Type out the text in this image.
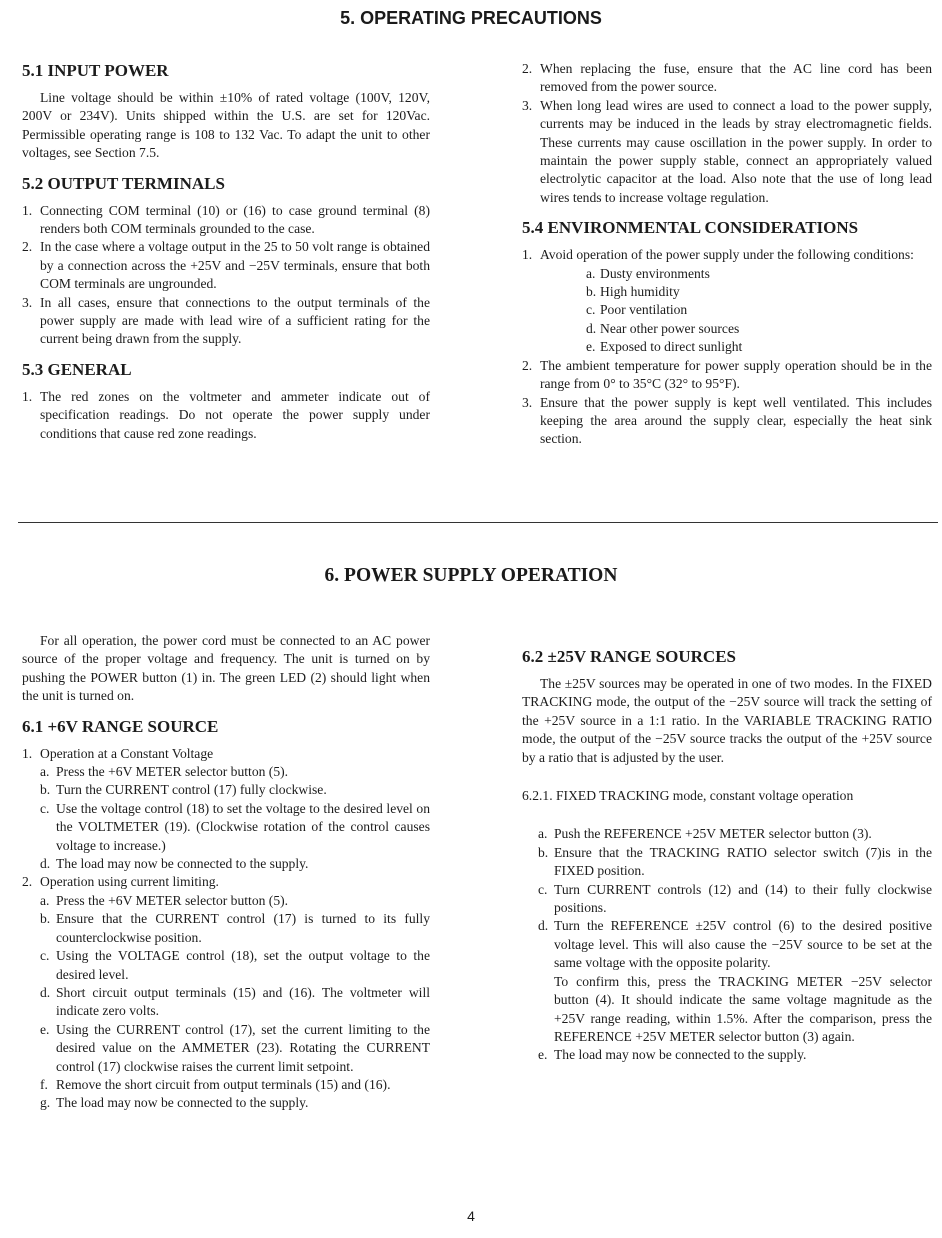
5. OPERATING PRECAUTIONS
5.1 INPUT POWER

Line voltage should be within ±10% of rated voltage (100V, 120V, 200V or 234V). Units shipped within the U.S. are set for 120Vac. Permissible operating range is 108 to 132 Vac. To adapt the unit to other voltages, see Section 7.5.

5.2 OUTPUT TERMINALS
1. Connecting COM terminal (10) or (16) to case ground terminal (8) renders both COM terminals grounded to the case.
2. In the case where a voltage output in the 25 to 50 volt range is obtained by a connection across the +25V and −25V terminals, ensure that both COM terminals are ungrounded.
3. In all cases, ensure that connections to the output terminals of the power supply are made with lead wire of a sufficient rating for the current being drawn from the supply.
5.3 GENERAL
1. The red zones on the voltmeter and ammeter indicate out of specification readings. Do not operate the power supply under conditions that cause red zone readings.
2. When replacing the fuse, ensure that the AC line cord has been removed from the power source.
3. When long lead wires are used to connect a load to the power supply, currents may be induced in the leads by stray electromagnetic fields. These currents may cause oscillation in the power supply. In order to maintain the power supply stable, connect an appropriately valued electrolytic capacitor at the load. Also note that the use of long lead wires tends to increase voltage regulation.
5.4 ENVIRONMENTAL CONSIDERATIONS
1. Avoid operation of the power supply under the following conditions:
a. Dusty environments
b. High humidity
c. Poor ventilation
d. Near other power sources
e. Exposed to direct sunlight
2. The ambient temperature for power supply operation should be in the range from 0° to 35°C (32° to 95°F).
3. Ensure that the power supply is kept well ventilated. This includes keeping the area around the supply clear, especially the heat sink section.
6. POWER SUPPLY OPERATION

For all operation, the power cord must be connected to an AC power source of the proper voltage and frequency. The unit is turned on by pushing the POWER button (1) in. The green LED (2) should light when the unit is turned on.

6.1 +6V RANGE SOURCE
1. Operation at a Constant Voltage
a. Press the +6V METER selector button (5).
b. Turn the CURRENT control (17) fully clockwise.
c. Use the voltage control (18) to set the voltage to the desired level on the VOLTMETER (19). (Clockwise rotation of the control causes voltage to increase.)
d. The load may now be connected to the supply.
2. Operation using current limiting.
a. Press the +6V METER selector button (5).
b. Ensure that the CURRENT control (17) is turned to its fully counterclockwise position.
c. Using the VOLTAGE control (18), set the output voltage to the desired level.
d. Short circuit output terminals (15) and (16). The voltmeter will indicate zero volts.
e. Using the CURRENT control (17), set the current limiting to the desired value on the AMMETER (23). Rotating the CURRENT control (17) clockwise raises the current limit setpoint.
f. Remove the short circuit from output terminals (15) and (16).
g. The load may now be connected to the supply.
6.2 ±25V RANGE SOURCES

The ±25V sources may be operated in one of two modes. In the FIXED TRACKING mode, the output of the −25V source will track the setting of the +25V source in a 1:1 ratio. In the VARIABLE TRACKING RATIO mode, the output of the −25V source tracks the output of the +25V source by a ratio that is adjusted by the user.

6.2.1. FIXED TRACKING mode, constant voltage operation

a. Push the REFERENCE +25V METER selector button (3).
b. Ensure that the TRACKING RATIO selector switch (7)is in the FIXED position.
c. Turn CURRENT controls (12) and (14) to their fully clockwise positions.
d. Turn the REFERENCE ±25V control (6) to the desired positive voltage level. This will also cause the −25V source to be set at the same voltage with the opposite polarity.

To confirm this, press the TRACKING METER −25V selector button (4). It should indicate the same voltage magnitude as the +25V range reading, within 1.5%. After the comparison, press the REFERENCE +25V METER selector button (3) again.

e. The load may now be connected to the supply.
4
